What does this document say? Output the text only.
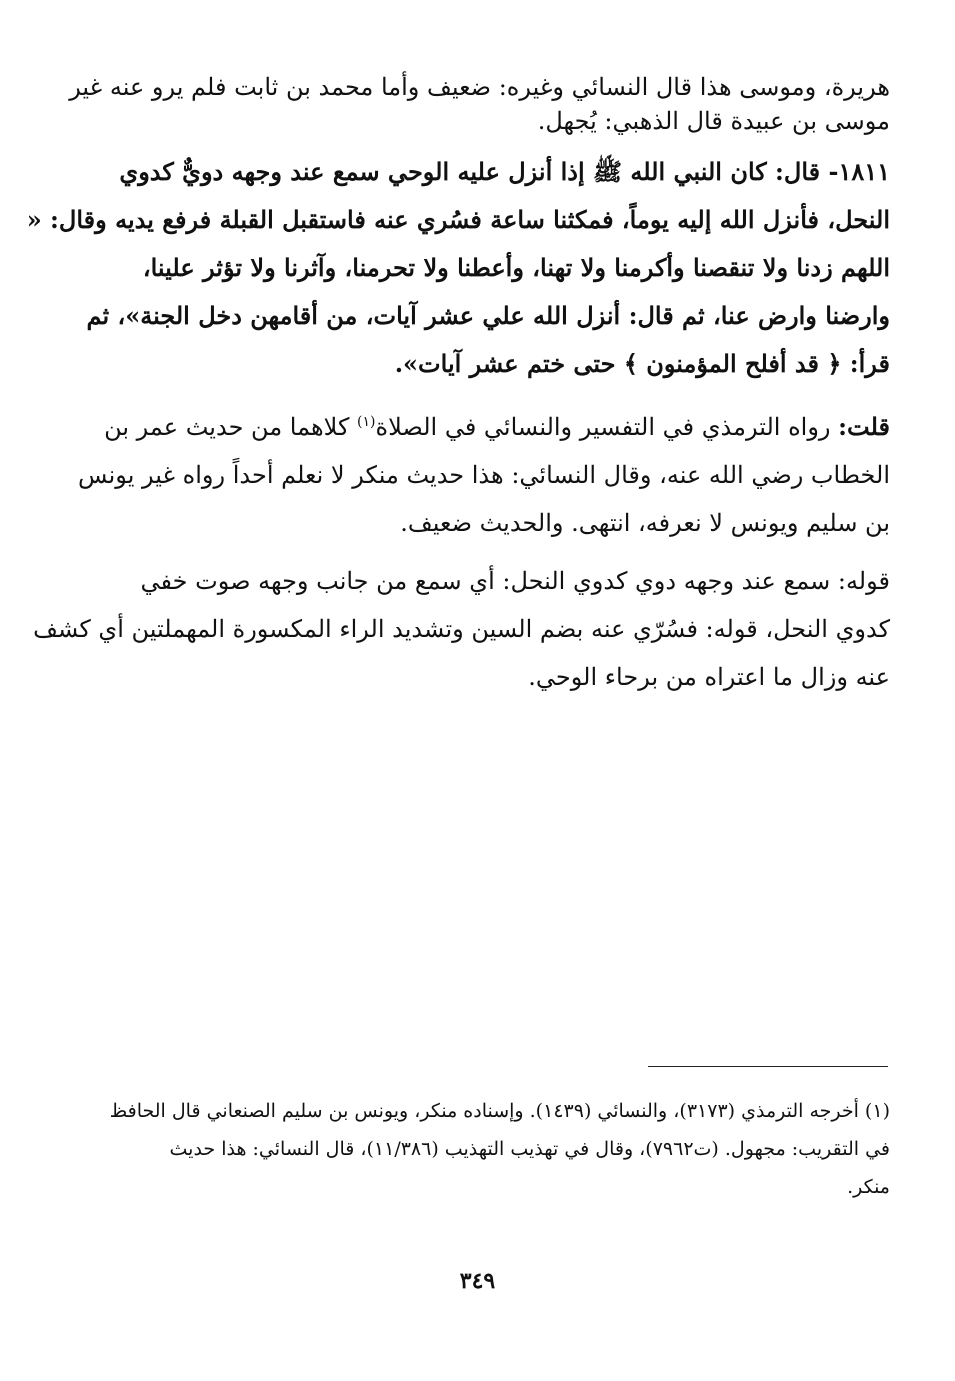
هريرة، وموسى هذا قال النسائي وغيره: ضعيف وأما محمد بن ثابت فلم يرو عنه غير

موسى بن عبيدة قال الذهبي: يُجهل.

١٨١١- قال: كان النبي الله ﷺ إذا أنزل عليه الوحي سمع عند وجهه دويٌّ كدوي

النحل، فأنزل الله إليه يوماً، فمكثنا ساعة فسُري عنه فاستقبل القبلة فرفع يديه وقال: «

اللهم زدنا ولا تنقصنا وأكرمنا ولا تهنا، وأعطنا ولا تحرمنا، وآثرنا ولا تؤثر علينا،

وارضنا وارض عنا، ثم قال: أنزل الله علي عشر آيات، من أقامهن دخل الجنة»، ثم

قرأ: ﴿ قد أفلح المؤمنون ﴾ حتى ختم عشر آيات».

قلت: رواه الترمذي في التفسير والنسائي في الصلاة$^{(١)}$ كلاهما من حديث عمر بن

الخطاب رضي الله عنه، وقال النسائي: هذا حديث منكر لا نعلم أحداً رواه غير يونس

بن سليم ويونس لا نعرفه، انتهى. والحديث ضعيف.

قوله: سمع عند وجهه دوي كدوي النحل: أي سمع من جانب وجهه صوت خفي

كدوي النحل، قوله: فسُرّي عنه بضم السين وتشديد الراء المكسورة المهملتين أي كشف

عنه وزال ما اعتراه من برحاء الوحي.

(١) أخرجه الترمذي (٣١٧٣)، والنسائي (١٤٣٩). وإسناده منكر، ويونس بن سليم الصنعاني قال الحافظ

في التقريب: مجهول. (ت٧٩٦٢)، وقال في تهذيب التهذيب (١١/٣٨٦)، قال النسائي: هذا حديث

منكر.

٣٤٩
